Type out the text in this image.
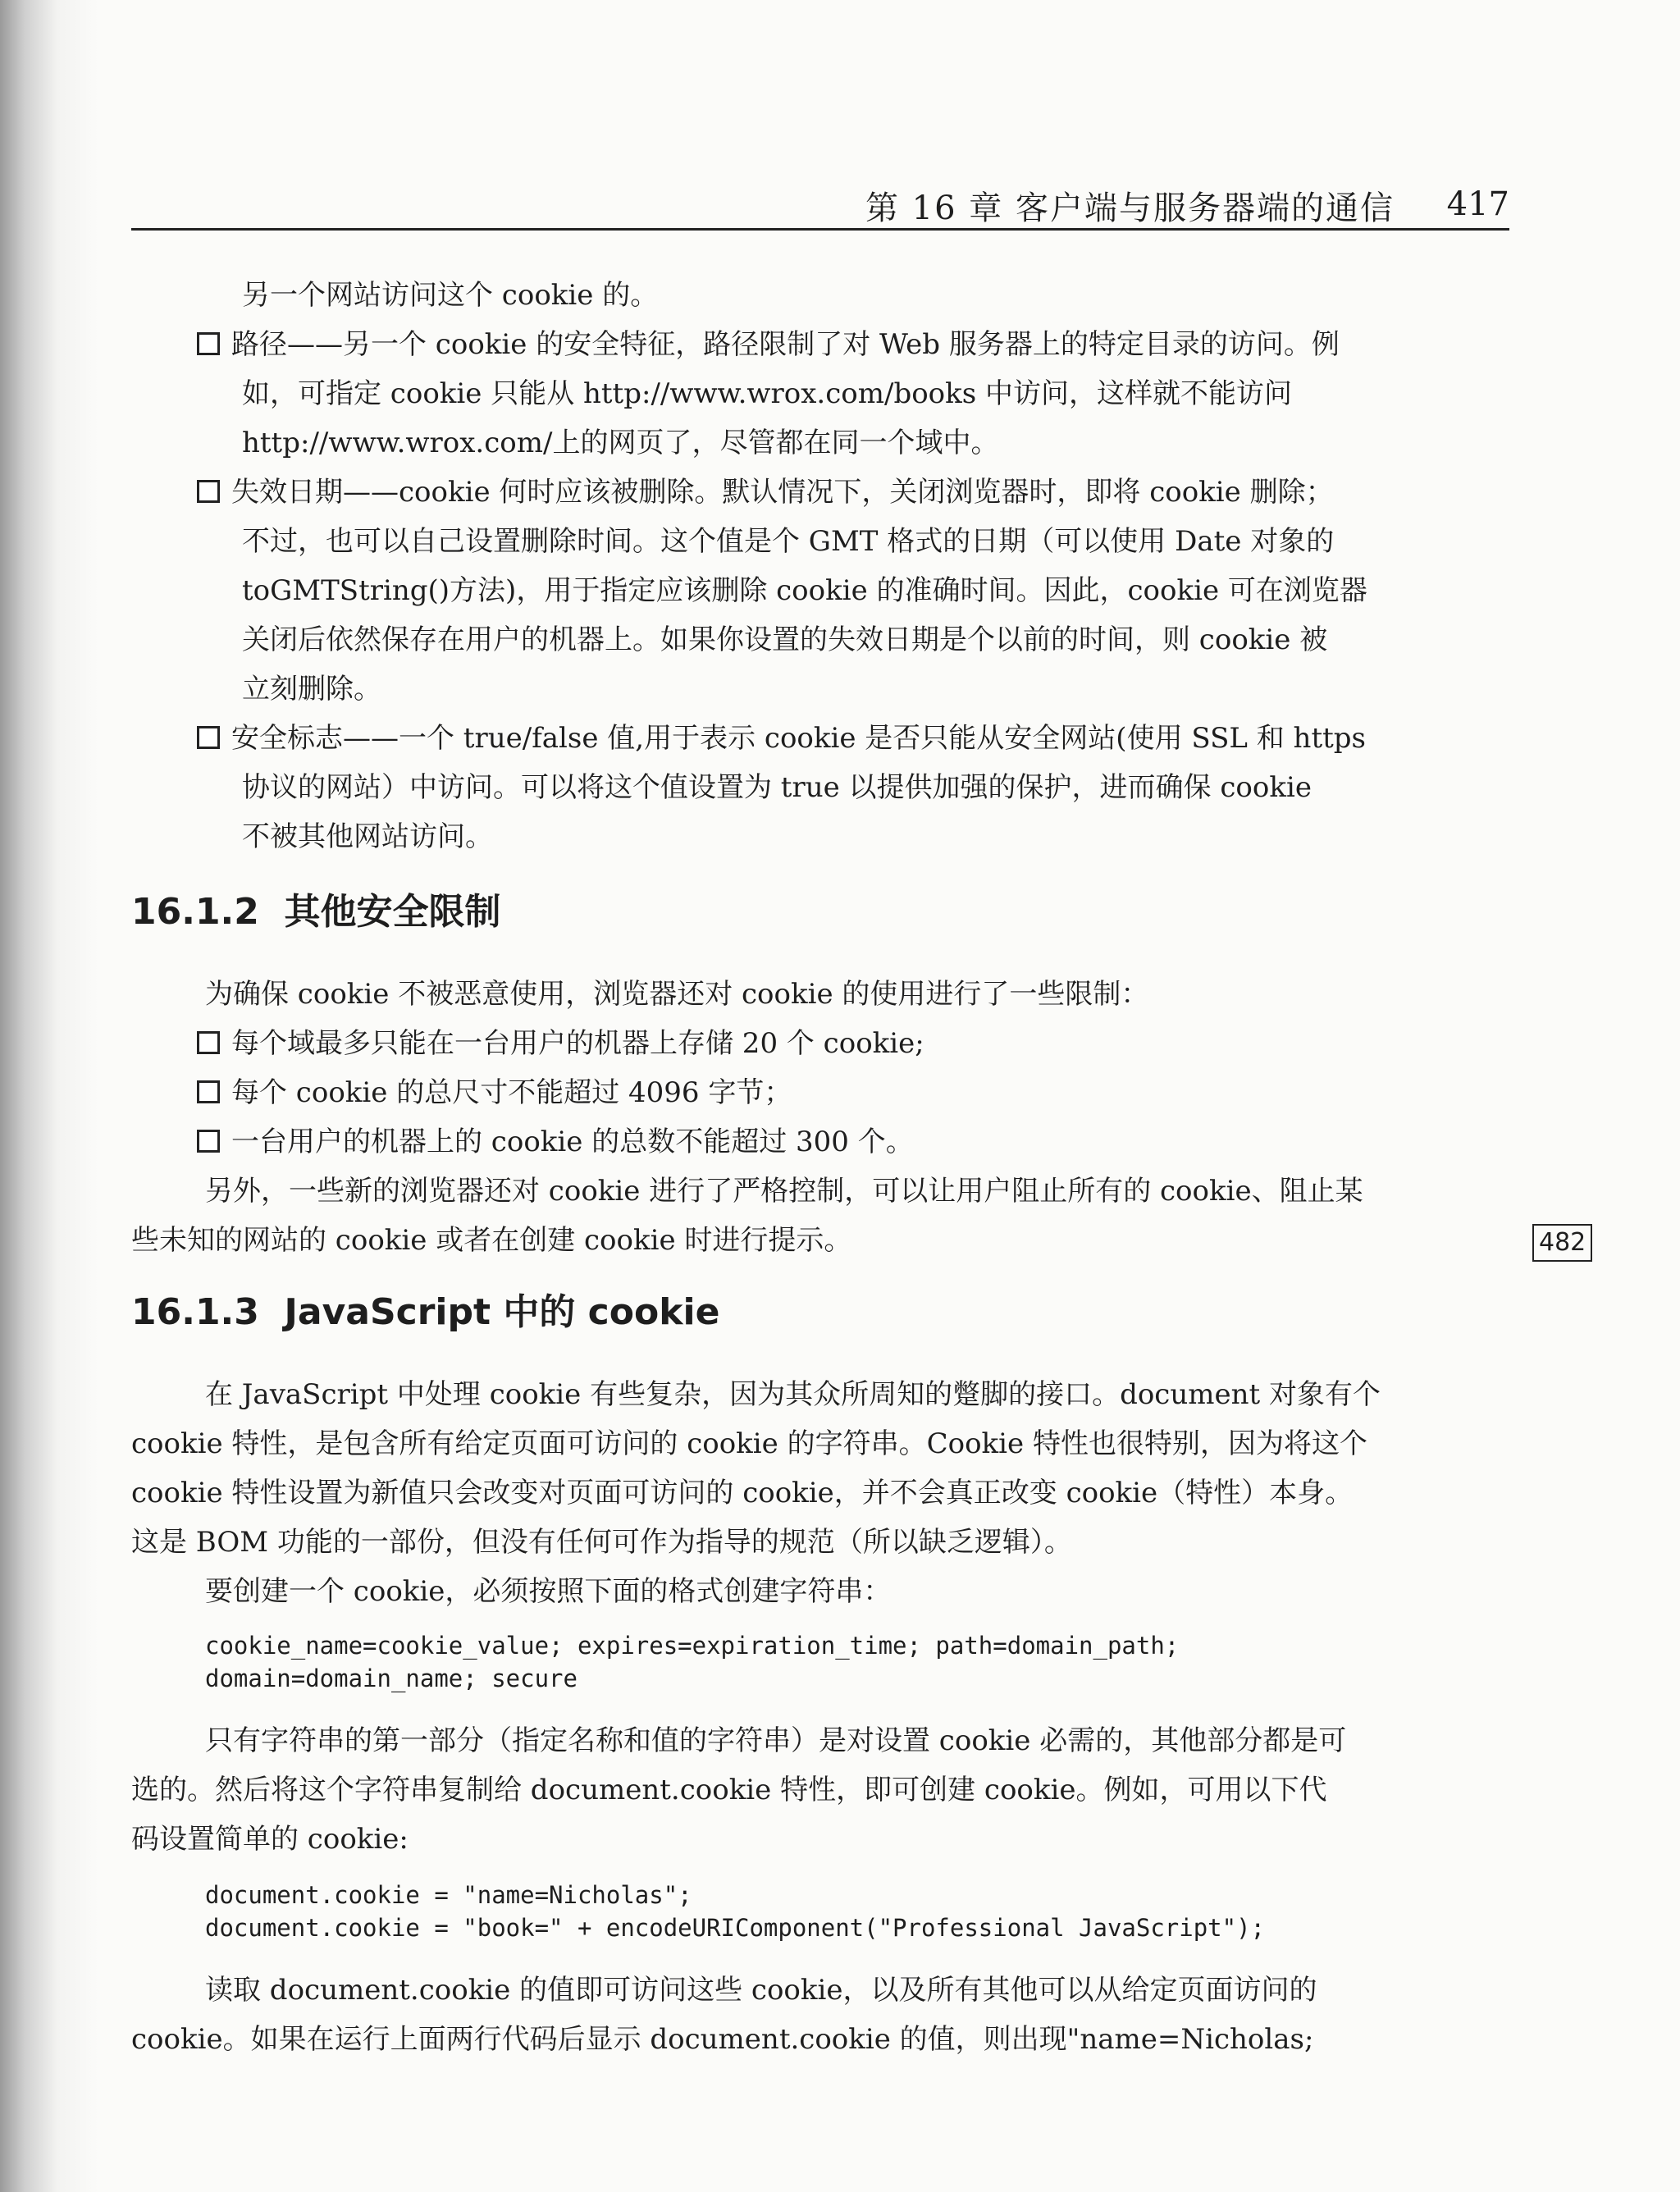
第 16 章 客户端与服务器端的通信 417
482
另一个网站访问这个 cookie 的。
路径——另一个 cookie 的安全特征，路径限制了对 Web 服务器上的特定目录的访问。例
如，可指定 cookie 只能从 http://www.wrox.com/books 中访问，这样就不能访问
http://www.wrox.com/上的网页了，尽管都在同一个域中。
失效日期——cookie 何时应该被删除。默认情况下，关闭浏览器时，即将 cookie 删除；
不过，也可以自己设置删除时间。这个值是个 GMT 格式的日期（可以使用 Date 对象的
toGMTString()方法)，用于指定应该删除 cookie 的准确时间。因此，cookie 可在浏览器
关闭后依然保存在用户的机器上。如果你设置的失效日期是个以前的时间，则 cookie 被
立刻删除。
安全标志——一个 true/false 值,用于表示 cookie 是否只能从安全网站(使用 SSL 和 https
协议的网站）中访问。可以将这个值设置为 true 以提供加强的保护，进而确保 cookie
不被其他网站访问。
16.1.2  其他安全限制
为确保 cookie 不被恶意使用，浏览器还对 cookie 的使用进行了一些限制：
每个域最多只能在一台用户的机器上存储 20 个 cookie;
每个 cookie 的总尺寸不能超过 4096 字节；
一台用户的机器上的 cookie 的总数不能超过 300 个。
另外，一些新的浏览器还对 cookie 进行了严格控制，可以让用户阻止所有的 cookie、阻止某
些未知的网站的 cookie 或者在创建 cookie 时进行提示。
16.1.3  JavaScript 中的 cookie
在 JavaScript 中处理 cookie 有些复杂，因为其众所周知的蹩脚的接口。document 对象有个
cookie 特性，是包含所有给定页面可访问的 cookie 的字符串。Cookie 特性也很特别，因为将这个
cookie 特性设置为新值只会改变对页面可访问的 cookie，并不会真正改变 cookie（特性）本身。
这是 BOM 功能的一部份，但没有任何可作为指导的规范（所以缺乏逻辑）。
要创建一个 cookie，必须按照下面的格式创建字符串：
cookie_name=cookie_value; expires=expiration_time; path=domain_path;
domain=domain_name; secure
只有字符串的第一部分（指定名称和值的字符串）是对设置 cookie 必需的，其他部分都是可
选的。然后将这个字符串复制给 document.cookie 特性，即可创建 cookie。例如，可用以下代
码设置简单的 cookie:
document.cookie = "name=Nicholas";
document.cookie = "book=" + encodeURIComponent("Professional JavaScript");
读取 document.cookie 的值即可访问这些 cookie，以及所有其他可以从给定页面访问的
cookie。如果在运行上面两行代码后显示 document.cookie 的值，则出现"name=Nicholas;
